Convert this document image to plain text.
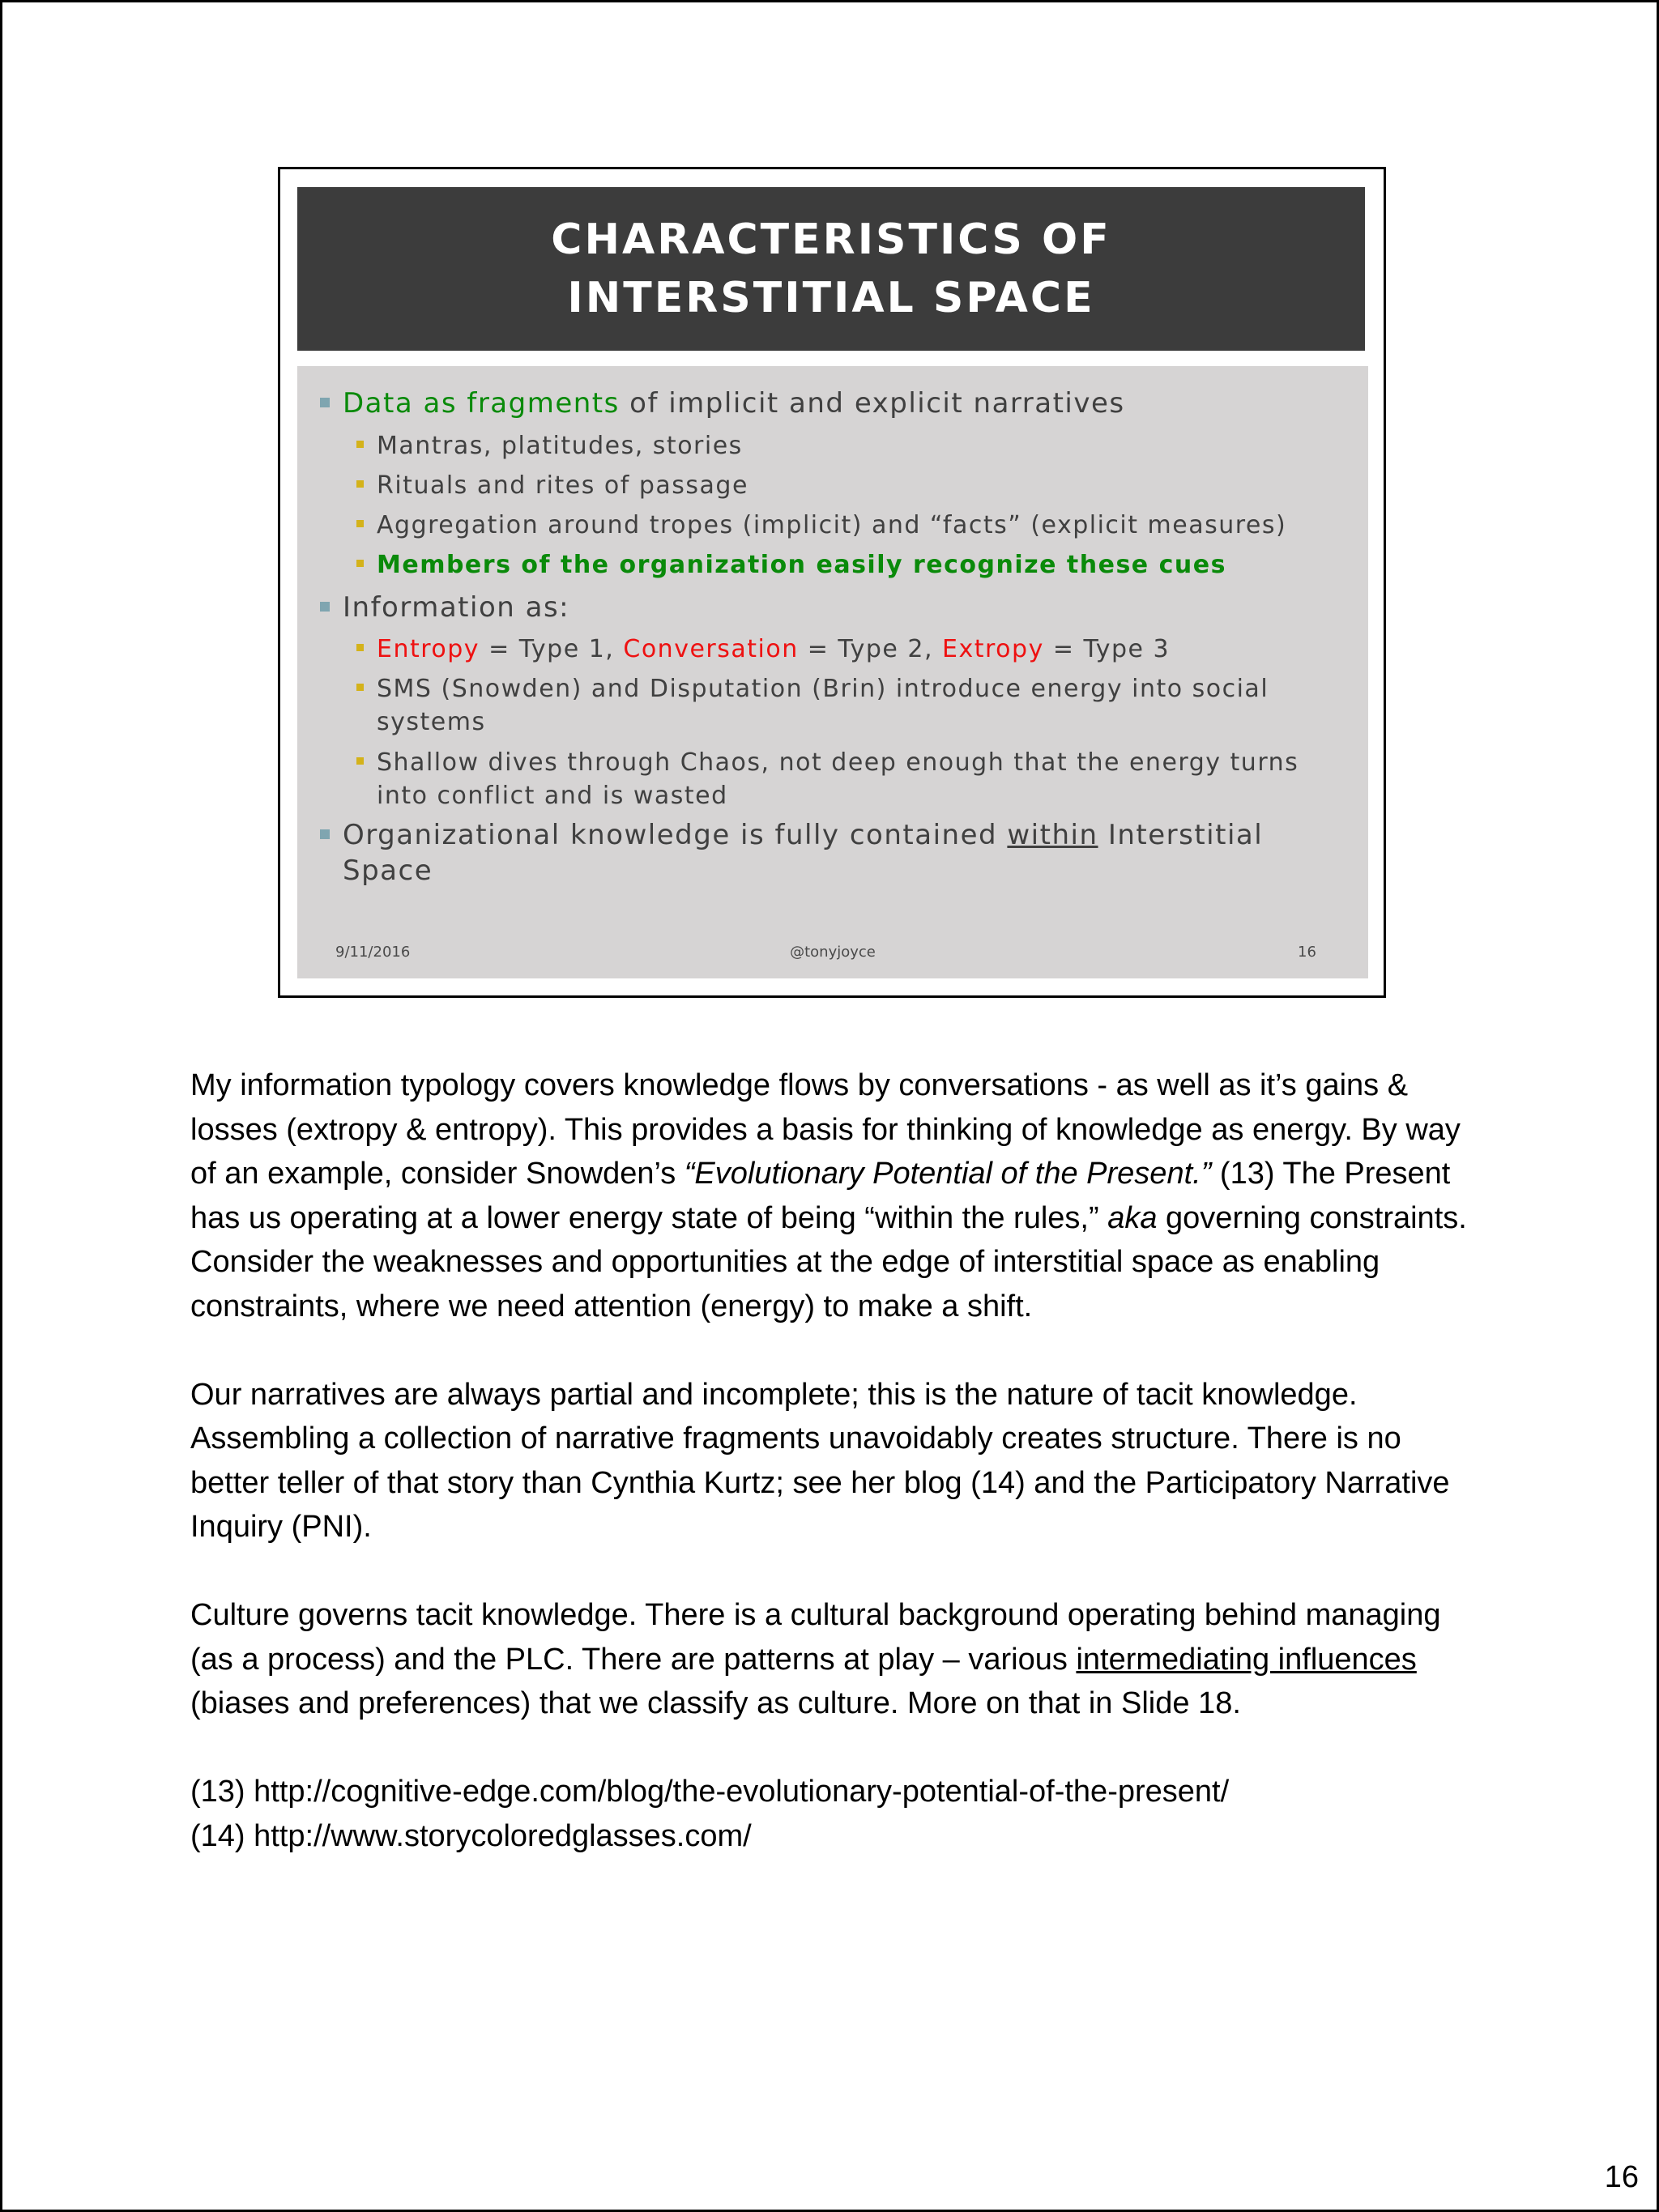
CHARACTERISTICS OF INTERSTITIAL SPACE
Data as fragments of implicit and explicit narratives
Mantras, platitudes, stories
Rituals and rites of passage
Aggregation around tropes (implicit) and “facts” (explicit measures)
Members of the organization easily recognize these cues
Information as:
Entropy = Type 1, Conversation = Type 2, Extropy = Type 3
SMS (Snowden) and Disputation (Brin) introduce energy into social systems
Shallow dives through Chaos, not deep enough that the energy turns into conflict and is wasted
Organizational knowledge is fully contained within Interstitial Space
9/11/2016	@tonyjoyce	16

My information typology covers knowledge flows by conversations - as well as it’s gains & losses (extropy & entropy). This provides a basis for thinking of knowledge as energy. By way of an example, consider Snowden’s “Evolutionary Potential of the Present.” (13) The Present has us operating at a lower energy state of being “within the rules,” aka governing constraints. Consider the weaknesses and opportunities at the edge of interstitial space as enabling constraints, where we need attention (energy) to make a shift.

Our narratives are always partial and incomplete; this is the nature of tacit knowledge. Assembling a collection of narrative fragments unavoidably creates structure. There is no better teller of that story than Cynthia Kurtz; see her blog (14) and the Participatory Narrative Inquiry (PNI).

Culture governs tacit knowledge. There is a cultural background operating behind managing (as a process) and the PLC. There are patterns at play – various intermediating influences (biases and preferences) that we classify as culture. More on that in Slide 18.

(13) http://cognitive-edge.com/blog/the-evolutionary-potential-of-the-present/

(14) http://www.storycoloredglasses.com/

16
